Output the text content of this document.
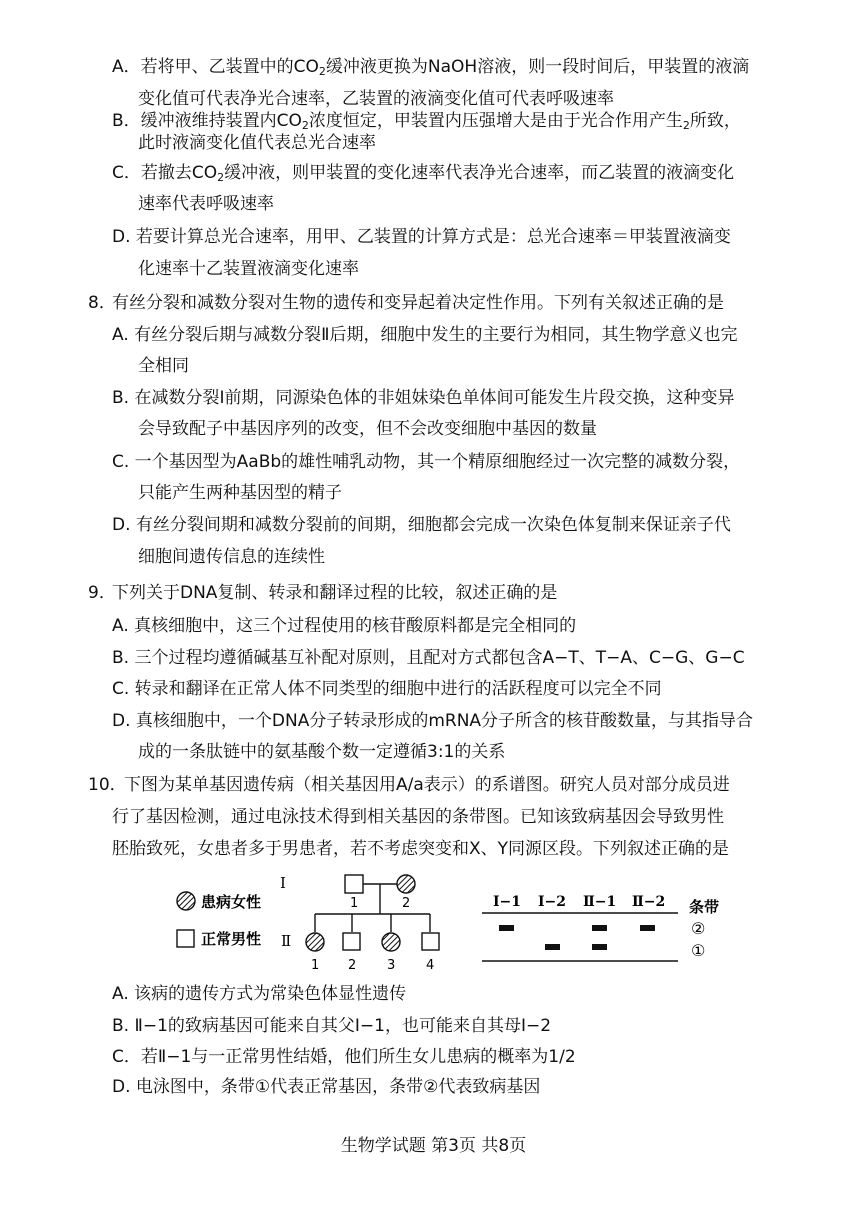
A．若将甲、乙装置中的$CO_2$缓冲液更换为NaOH溶液，则一段时间后，甲装置的液滴
变化值可代表净光合速率，乙装置的液滴变化值可代表呼吸速率
B．缓冲液维持装置内$CO_2$浓度恒定，甲装置内压强增大是由于光合作用产生$_2$所致，
此时液滴变化值代表总光合速率
C．若撤去$CO_2$缓冲液，则甲装置的变化速率代表净光合速率，而乙装置的液滴变化
速率代表呼吸速率
D. 若要计算总光合速率，用甲、乙装置的计算方式是：总光合速率＝甲装置液滴变
化速率十乙装置液滴变化速率
8．
有丝分裂和减数分裂对生物的遗传和变异起着决定性作用。下列有关叙述正确的是
A. 有丝分裂后期与减数分裂Ⅱ后期，细胞中发生的主要行为相同，其生物学意义也完
全相同
B. 在减数分裂Ⅰ前期，同源染色体的非姐妹染色单体间可能发生片段交换，这种变异
会导致配子中基因序列的改变，但不会改变细胞中基因的数量
C. 一个基因型为AaBb的雄性哺乳动物，其一个精原细胞经过一次完整的减数分裂，
只能产生两种基因型的精子
D. 有丝分裂间期和减数分裂前的间期，细胞都会完成一次染色体复制来保证亲子代
细胞间遗传信息的连续性
9．
下列关于DNA复制、转录和翻译过程的比较，叙述正确的是
A. 真核细胞中，这三个过程使用的核苷酸原料都是完全相同的
B. 三个过程均遵循碱基互补配对原则，且配对方式都包含A−T、T−A、C−G、G−C
C. 转录和翻译在正常人体不同类型的细胞中进行的活跃程度可以完全不同
D. 真核细胞中，一个DNA分子转录形成的mRNA分子所含的核苷酸数量，与其指导合
成的一条肽链中的氨基酸个数一定遵循3:1的关系
10．
下图为某单基因遗传病（相关基因用A/a表示）的系谱图。研究人员对部分成员进
行了基因检测，通过电泳技术得到相关基因的条带图。已知该致病基因会导致男性
胚胎致死，女患者多于男患者，若不考虑突变和X、Y同源区段。下列叙述正确的是
患病女性
正常男性
Ⅰ
Ⅱ
1	2
1 2 3 4
Ⅰ−1 Ⅰ−2 Ⅱ−1 Ⅱ−2 条带
②
①
A. 该病的遗传方式为常染色体显性遗传
B. Ⅱ−1的致病基因可能来自其父Ⅰ−1，也可能来自其母Ⅰ−2
C．若Ⅱ−1与一正常男性结婚，他们所生女儿患病的概率为1/2
D. 电泳图中，条带①代表正常基因，条带②代表致病基因
生物学试题 第3页 共8页
